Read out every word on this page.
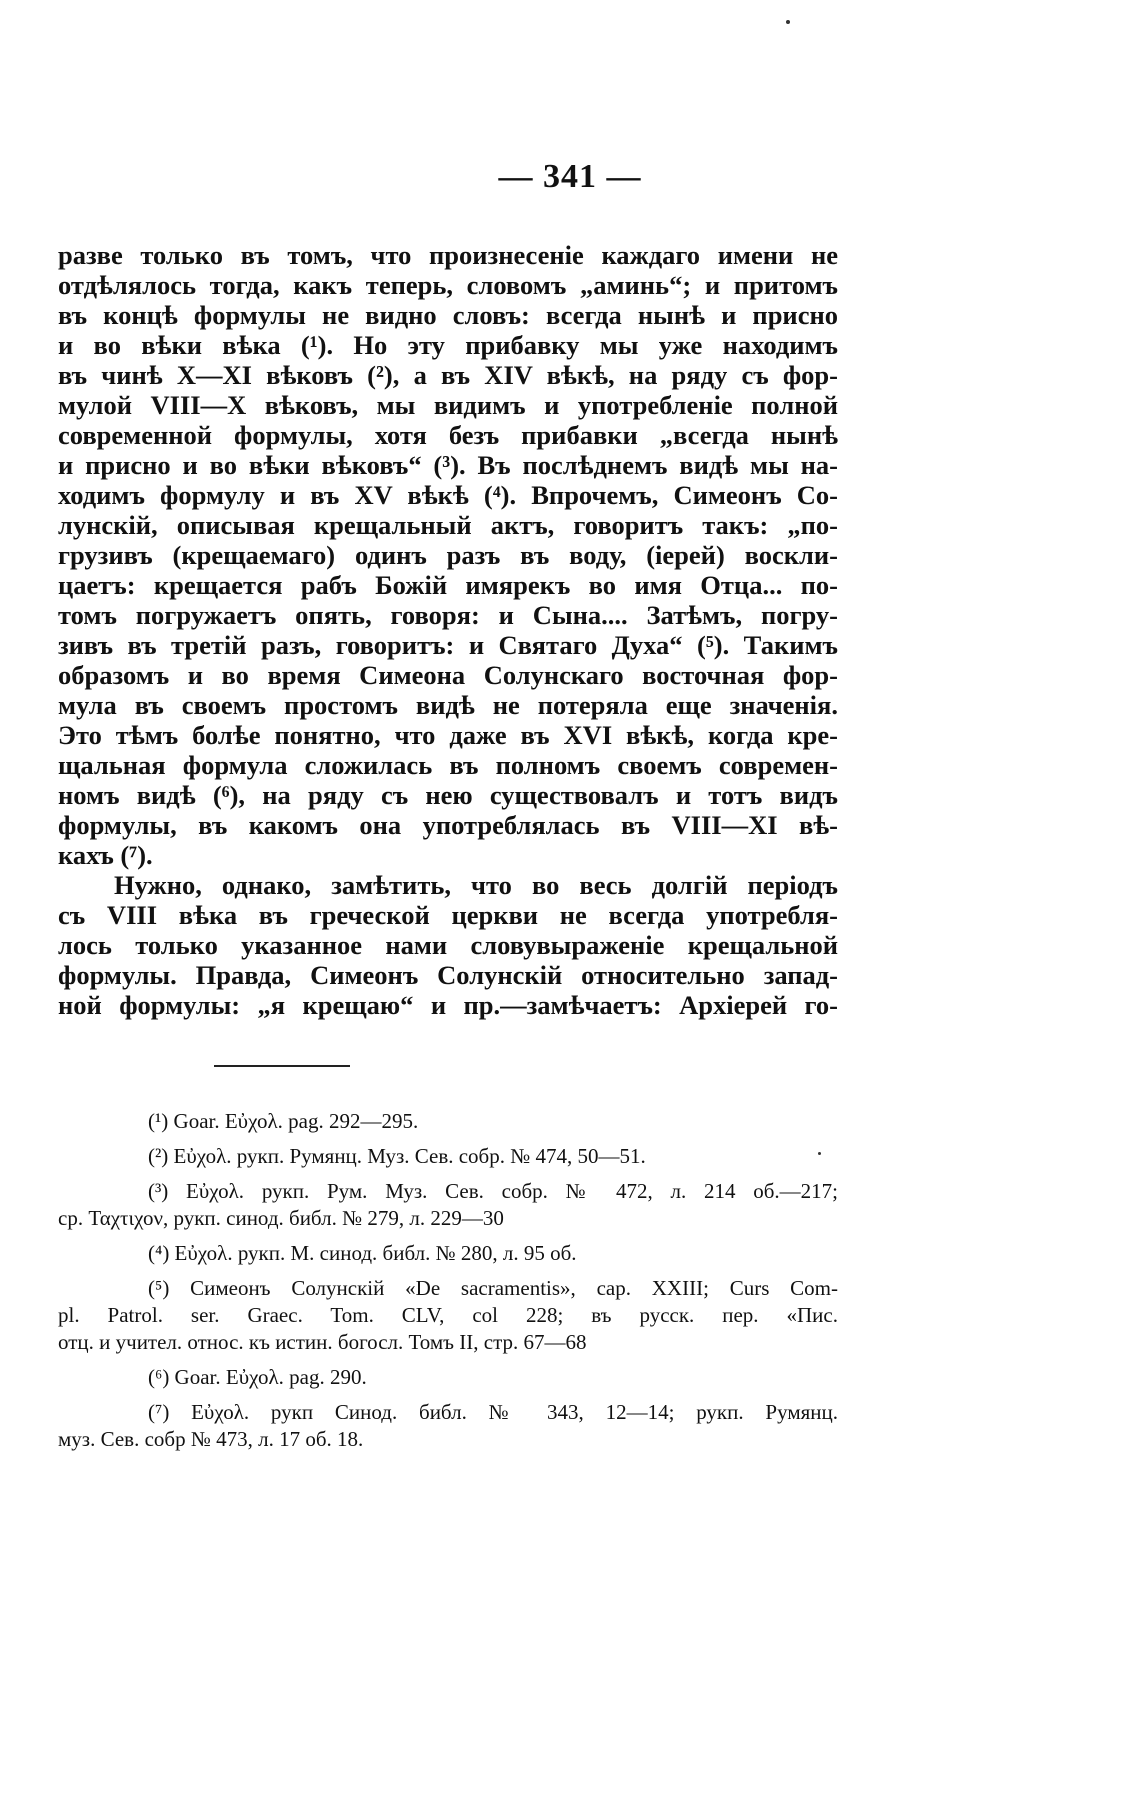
— 341 —
разве только въ томъ, что произнесеніе каждаго имени не
отдѣлялось тогда, какъ теперь, словомъ „аминь“; и притомъ
въ концѣ формулы не видно словъ: всегда нынѣ и присно
и во вѣки вѣка (¹). Но эту прибавку мы уже находимъ
въ чинѣ X—XI вѣковъ (²), а въ XIV вѣкѣ, на ряду съ фор-
мулой VIII—X вѣковъ, мы видимъ и употребленіе полной
современной формулы, хотя безъ прибавки „всегда нынѣ
и присно и во вѣки вѣковъ“ (³). Въ послѣднемъ видѣ мы на-
ходимъ формулу и въ XV вѣкѣ (⁴). Впрочемъ, Симеонъ Со-
лунскій, описывая крещальный актъ, говоритъ такъ: „по-
грузивъ (крещаемаго) одинъ разъ въ воду, (іерей) воскли-
цаетъ: крещается рабъ Божій имярекъ во имя Отца... по-
томъ погружаетъ опять, говоря: и Сына.... Затѣмъ, погру-
зивъ въ третій разъ, говоритъ: и Святаго Духа“ (⁵). Такимъ
образомъ и во время Симеона Солунскаго восточная фор-
мула въ своемъ простомъ видѣ не потеряла еще значенія.
Это тѣмъ болѣе понятно, что даже въ XVI вѣкѣ, когда кре-
щальная формула сложилась въ полномъ своемъ современ-
номъ видѣ (⁶), на ряду съ нею существовалъ и тотъ видъ
формулы, въ какомъ она употреблялась въ VIII—XI вѣ-
кахъ (⁷).
Нужно, однако, замѣтить, что во весь долгій періодъ
съ VIII вѣка въ греческой церкви не всегда употребля-
лось только указанное нами словувыраженіе крещальной
формулы. Правда, Симеонъ Солунскій относительно запад-
ной формулы: „я крещаю“ и пр.—замѣчаетъ: Архіерей го-
(¹) Goar. Εὐχολ. pag. 292—295.
(²) Εὐχολ. рукп. Румянц. Муз. Сев. собр. № 474, 50—51.
(³) Εὐχολ. рукп. Рум. Муз. Сев. собр. № 472, л. 214 об.—217;
ср. Ταχτιχον, рукп. синод. библ. № 279, л. 229—30
(⁴) Εὐχολ. рукп. М. синод. библ. № 280, л. 95 об.
(⁵) Симеонъ Солунскій «De sacramentis», cap. XXIII; Curs Com-
pl. Patrol. ser. Graec. Tom. CLV, col 228; въ русск. пер. «Пис.
отц. и учител. относ. къ истин. богосл. Томъ II, стр. 67—68
(⁶) Goar. Εὐχολ. pag. 290.
(⁷) Εὐχολ. рукп Синод. библ. № 343, 12—14; рукп. Румянц.
муз. Сев. собр № 473, л. 17 об. 18.
